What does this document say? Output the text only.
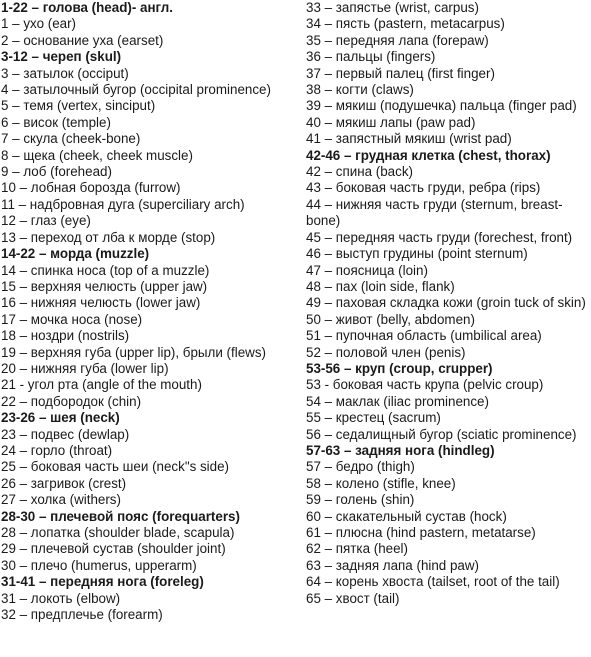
1-22 – голова (head)- англ.
1 – ухо (ear)
2 – основание уха (earset)
3-12 – череп (skul)
3 – затылок (occiput)
4 – затылочный бугор (occipital prominence)
5 – темя (vertex, sinciput)
6 – висок (temple)
7 – скула (cheek-bone)
8 – щека (cheek, cheek muscle)
9 – лоб (forehead)
10 – лобная борозда (furrow)
11 – надбровная дуга (superciliary arch)
12 – глаз (eye)
13 – переход от лба к морде (stop)
14-22 – морда (muzzle)
14 – спинка носа (top of a muzzle)
15 – верхняя челюсть (upper jaw)
16 – нижняя челюсть (lower jaw)
17 – мочка носа (nose)
18 – ноздри (nostrils)
19 – верхняя губа (upper lip), брыли (flews)
20 – нижняя губа (lower lip)
21 - угол рта (angle of the mouth)
22 – подбородок (chin)
23-26 – шея (neck)
23 – подвес (dewlap)
24 – горло (throat)
25 – боковая часть шеи (neck"s side)
26 – загривок (crest)
27 – холка (withers)
28-30 – плечевой пояс (forequarters)
28 – лопатка (shoulder blade, scapula)
29 – плечевой сустав (shoulder joint)
30 – плечо (humerus, upperarm)
31-41 – передняя нога (foreleg)
31 – локоть (elbow)
32 – предплечье (forearm)
33 – запястье (wrist, carpus)
34 – пясть (pastern, metacarpus)
35 – передняя лапа (forepaw)
36 – пальцы (fingers)
37 – первый палец (first finger)
38 – когти (claws)
39 – мякиш (подушечка) пальца (finger pad)
40 – мякиш лапы (paw pad)
41 – запястный мякиш (wrist pad)
42-46 – грудная клетка (chest, thorax)
42 – спина (back)
43 – боковая часть груди, ребра (rips)
44 – нижняя часть груди (sternum, breast-bone)
45 – передняя часть груди (forechest, front)
46 – выступ грудины (point sternum)
47 – поясница (loin)
48 – пах (loin side, flank)
49 – паховая складка кожи (groin tuck of skin)
50 – живот (belly, abdomen)
51 – пупочная область (umbilical area)
52 – половой член (penis)
53-56 – круп (croup, crupper)
53 - боковая часть крупа (pelvic croup)
54 – маклак (iliac prominence)
55 – крестец (sacrum)
56 – седалищный бугор (sciatic prominence)
57-63 – задняя нога (hindleg)
57 – бедро (thigh)
58 – колено (stifle, knee)
59 – голень (shin)
60 – скакательный сустав (hock)
61 – плюсна (hind pastern, metatarse)
62 – пятка (heel)
63 – задняя лапа (hind paw)
64 – корень хвоста (tailset, root of the tail)
65 – хвост (tail)
